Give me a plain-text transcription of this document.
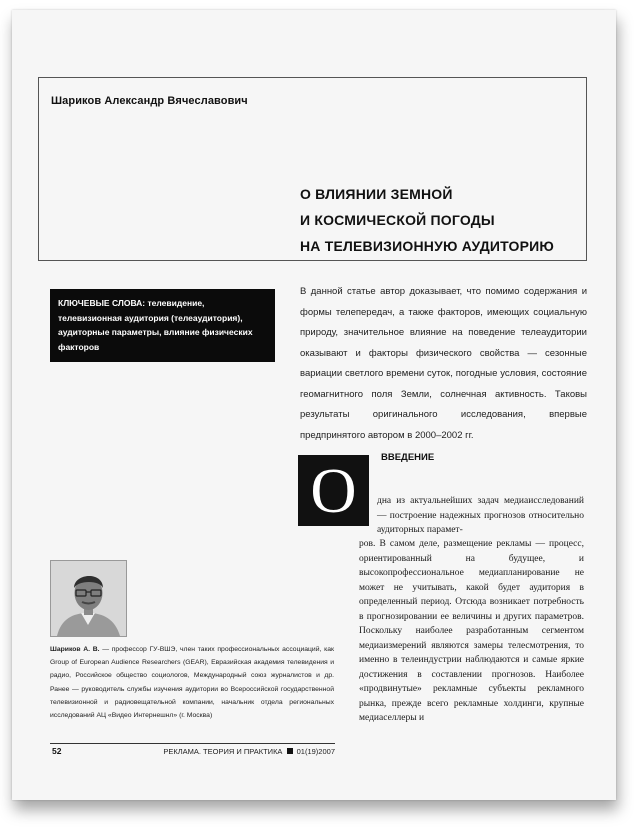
Шариков Александр Вячеславович
О ВЛИЯНИИ ЗЕМНОЙ
И КОСМИЧЕСКОЙ ПОГОДЫ
НА ТЕЛЕВИЗИОННУЮ АУДИТОРИЮ
КЛЮЧЕВЫЕ СЛОВА: телевидение, телевизионная аудитория (телеаудитория), аудиторные параметры, влияние физических факторов
В данной статье автор доказывает, что помимо содержания и формы телепередач, а также факторов, имеющих социальную природу, значительное влияние на поведение телеаудитории оказывают и факторы физического свойства — сезонные вариации светлого времени суток, погодные условия, состояние геомагнитного поля Земли, солнечная активность. Таковы результаты оригинального исследования, впервые предпринятого автором в 2000–2002 гг.
О	ВВЕДЕНИЕ
дна из актуальнейших задач медиаисследований — построение надежных прогнозов относительно аудиторных парамет-
ров. В самом деле, размещение рекламы — процесс, ориентированный на будущее, и высокопрофессиональное медиапланирование не может не учитывать, какой будет аудитория в определенный период. Отсюда возникает потребность в прогнозировании ее величины и других параметров. Поскольку наиболее разработанным сегментом медиаизмерений являются замеры телесмотрения, то именно в телеиндустрии наблюдаются и самые яркие достижения в составлении прогнозов. Наиболее «продвинутые» рекламные субъекты рекламного рынка, прежде всего рекламные холдинги, крупные медиаселлеры и
Шариков А. В. — профессор ГУ-ВШЭ, член таких профессиональных ассоциаций, как Group of European Audience Researchers (GEAR), Евразийская академия телевидения и радио, Российское общество социологов, Международный союз журналистов и др. Ранее — руководитель службы изучения аудитории во Всероссийской государственной телевизионной и радиовещательной компании, начальник отдела региональных исследований АЦ «Видео Интернешнл» (г. Москва)
52	РЕКЛАМА. ТЕОРИЯ И ПРАКТИКА 01(19)2007
